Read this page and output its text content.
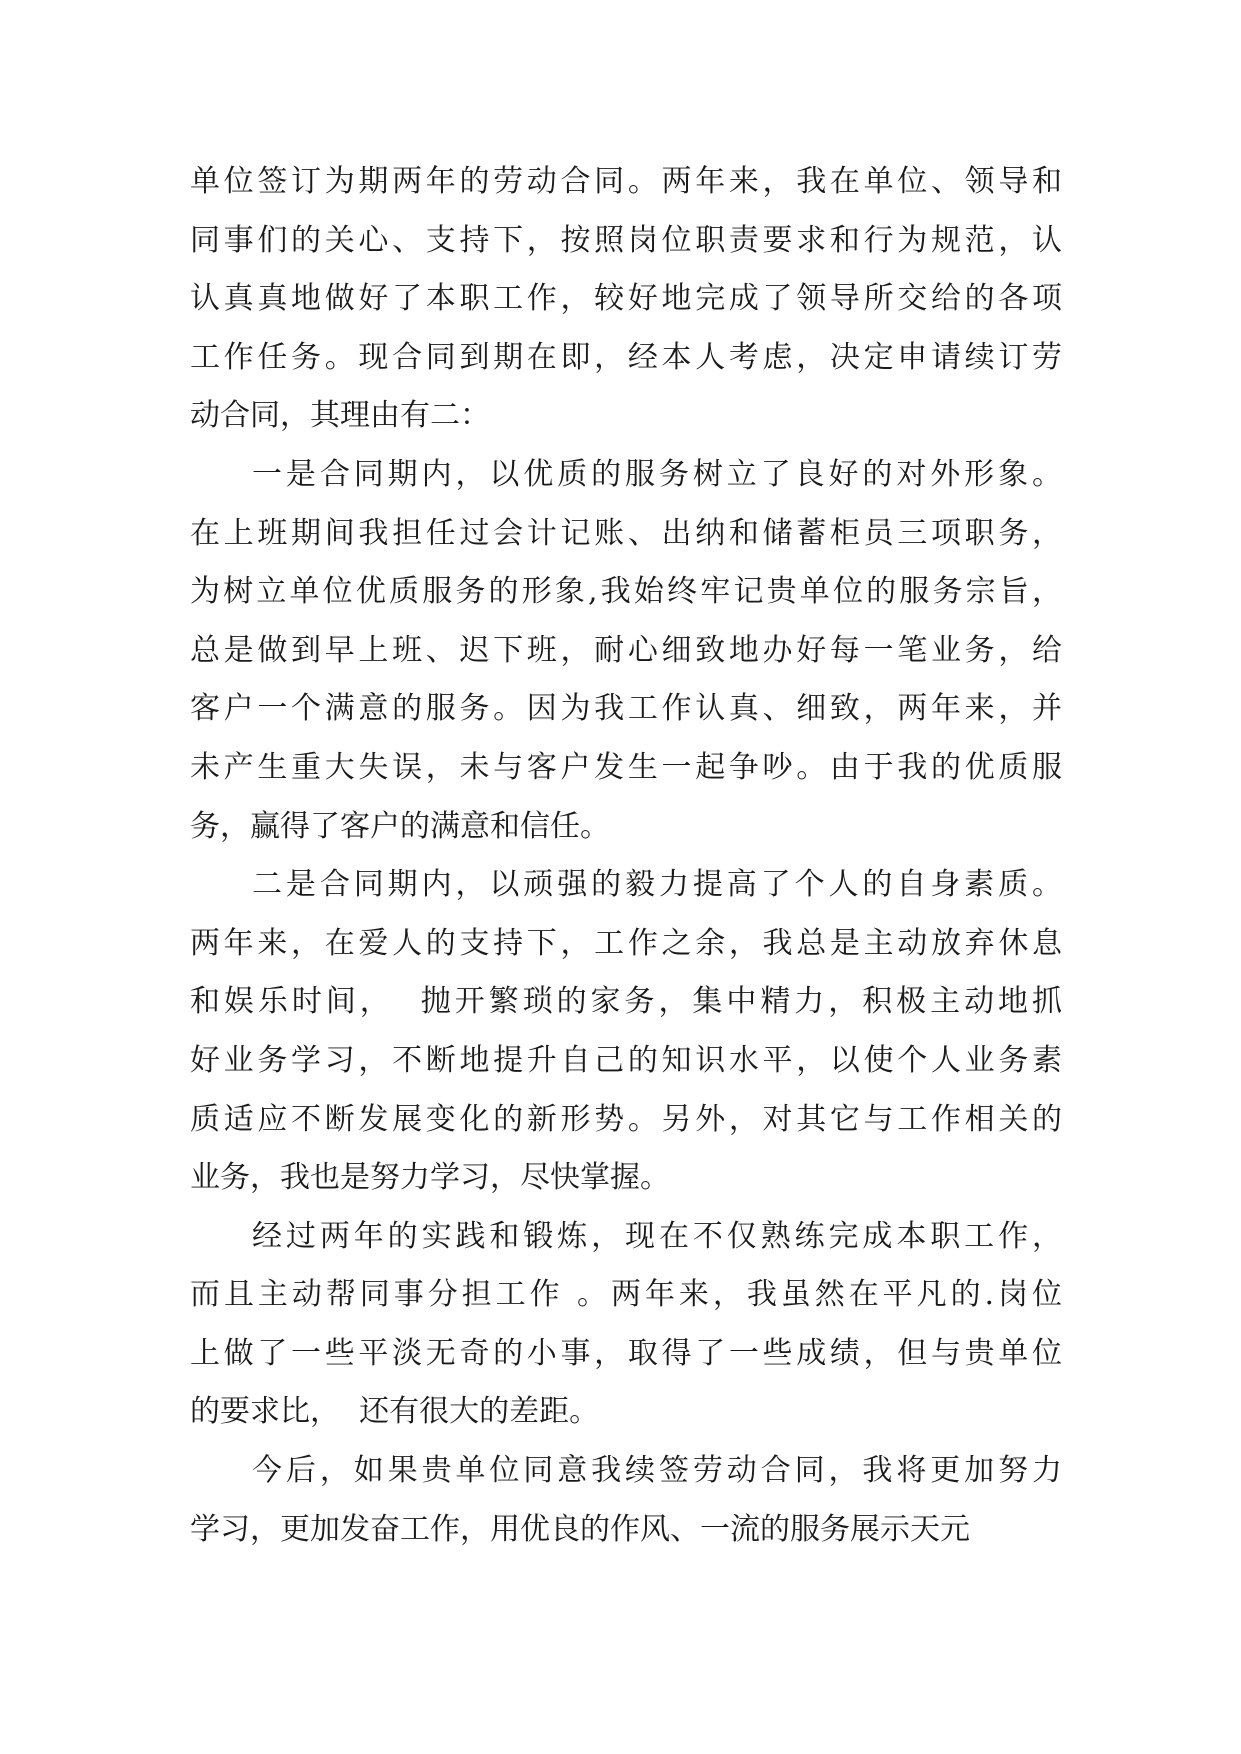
单位签订为期两年的劳动合同。两年来，我在单位、领导和
同事们的关心、支持下，按照岗位职责要求和行为规范，认
认真真地做好了本职工作，较好地完成了领导所交给的各项
工作任务。现合同到期在即，经本人考虑，决定申请续订劳
动合同，其理由有二：
一是合同期内，以优质的服务树立了良好的对外形象。
在上班期间我担任过会计记账、出纳和储蓄柜员三项职务，
为树立单位优质服务的形象,我始终牢记贵单位的服务宗旨，
总是做到早上班、迟下班，耐心细致地办好每一笔业务，给
客户一个满意的服务。因为我工作认真、细致，两年来，并
未产生重大失误，未与客户发生一起争吵。由于我的优质服
务，赢得了客户的满意和信任。
二是合同期内，以顽强的毅力提高了个人的自身素质。
两年来，在爱人的支持下，工作之余，我总是主动放弃休息
和娱乐时间，  抛开繁琐的家务，集中精力，积极主动地抓
好业务学习，不断地提升自己的知识水平，以使个人业务素
质适应不断发展变化的新形势。另外，对其它与工作相关的
业务，我也是努力学习，尽快掌握。
经过两年的实践和锻炼，现在不仅熟练完成本职工作，
而且主动帮同事分担工作 。两年来，我虽然在平凡的.岗位
上做了一些平淡无奇的小事，取得了一些成绩，但与贵单位
的要求比，  还有很大的差距。
今后，如果贵单位同意我续签劳动合同，我将更加努力
学习，更加发奋工作，用优良的作风、一流的服务展示天元
